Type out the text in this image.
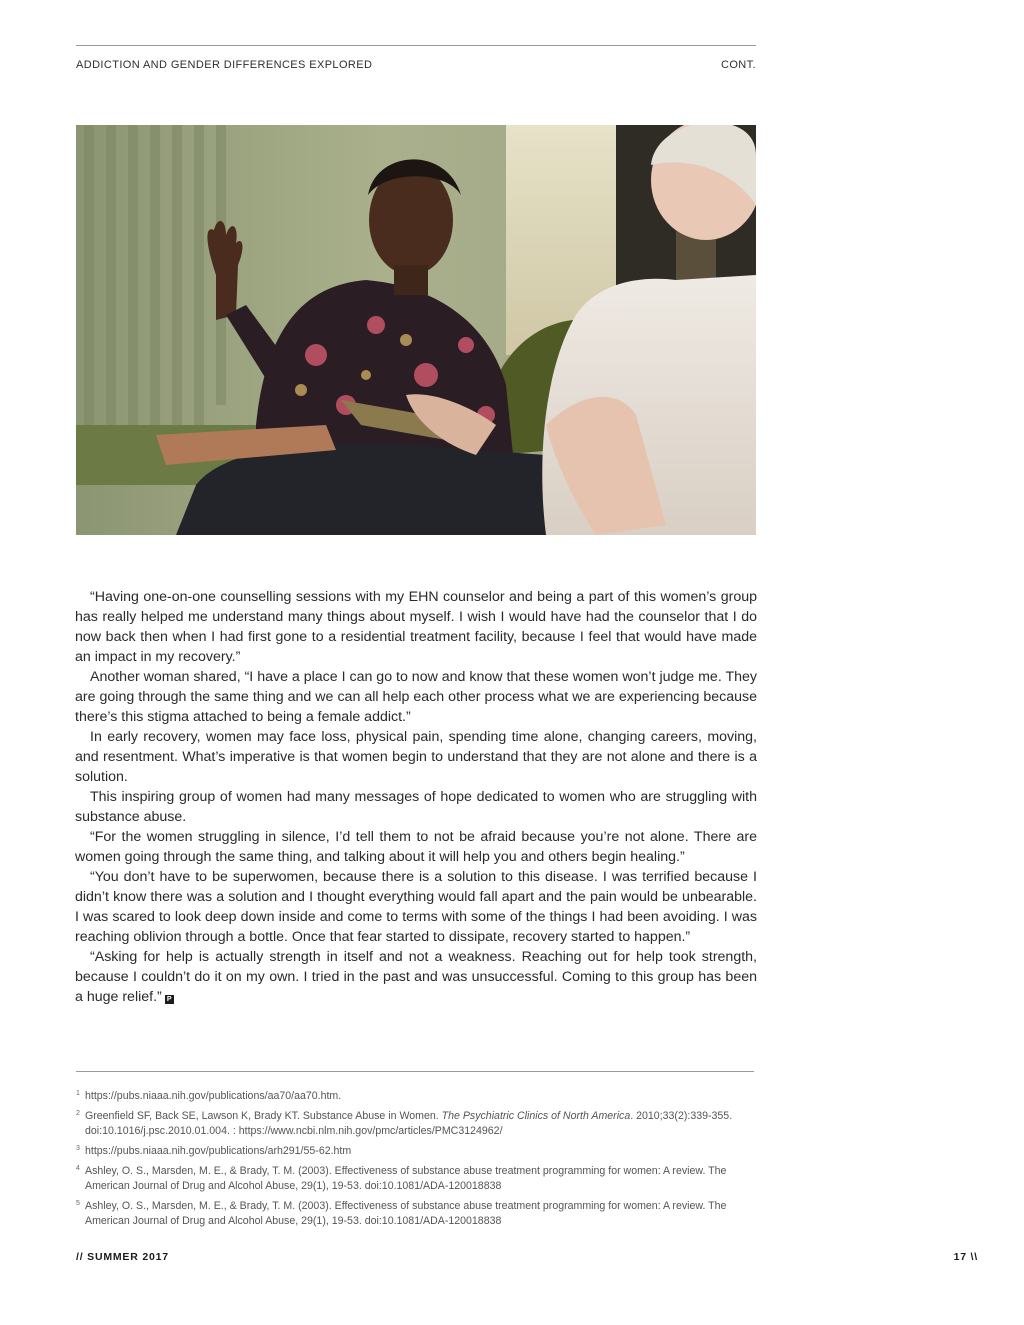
ADDICTION AND GENDER DIFFERENCES EXPLORED	CONT.

“Having one-on-one counselling sessions with my EHN counselor and being a part of this women’s group has really helped me understand many things about myself. I wish I would have had the counselor that I do now back then when I had first gone to a residential treatment facility, because I feel that would have made an impact in my recovery.”

Another woman shared, “I have a place I can go to now and know that these women won’t judge me. They are going through the same thing and we can all help each other process what we are experiencing because there’s this stigma attached to being a female addict.”

In early recovery, women may face loss, physical pain, spending time alone, changing careers, moving, and resentment. What’s imperative is that women begin to understand that they are not alone and there is a solution.

This inspiring group of women had many messages of hope dedicated to women who are struggling with substance abuse.

“For the women struggling in silence, I’d tell them to not be afraid because you’re not alone. There are women going through the same thing, and talking about it will help you and others begin healing.”

“You don’t have to be superwomen, because there is a solution to this disease. I was terrified because I didn’t know there was a solution and I thought everything would fall apart and the pain would be unbearable. I was scared to look deep down inside and come to terms with some of the things I had been avoiding. I was reaching oblivion through a bottle. Once that fear started to dissipate, recovery started to happen.”

“Asking for help is actually strength in itself and not a weakness. Reaching out for help took strength, because I couldn’t do it on my own. I tried in the past and was unsuccessful. Coming to this group has been a huge relief.” P

1 https://pubs.niaaa.nih.gov/publications/aa70/aa70.htm.
2 Greenfield SF, Back SE, Lawson K, Brady KT. Substance Abuse in Women. The Psychiatric Clinics of North America. 2010;33(2):339-355. doi:10.1016/j.psc.2010.01.004. : https://www.ncbi.nlm.nih.gov/pmc/articles/PMC3124962/
3 https://pubs.niaaa.nih.gov/publications/arh291/55-62.htm
4 Ashley, O. S., Marsden, M. E., & Brady, T. M. (2003). Effectiveness of substance abuse treatment programming for women: A review. The American Journal of Drug and Alcohol Abuse, 29(1), 19-53. doi:10.1081/ADA-120018838
5 Ashley, O. S., Marsden, M. E., & Brady, T. M. (2003). Effectiveness of substance abuse treatment programming for women: A review. The American Journal of Drug and Alcohol Abuse, 29(1), 19-53. doi:10.1081/ADA-120018838
// SUMMER 2017	17 \\
